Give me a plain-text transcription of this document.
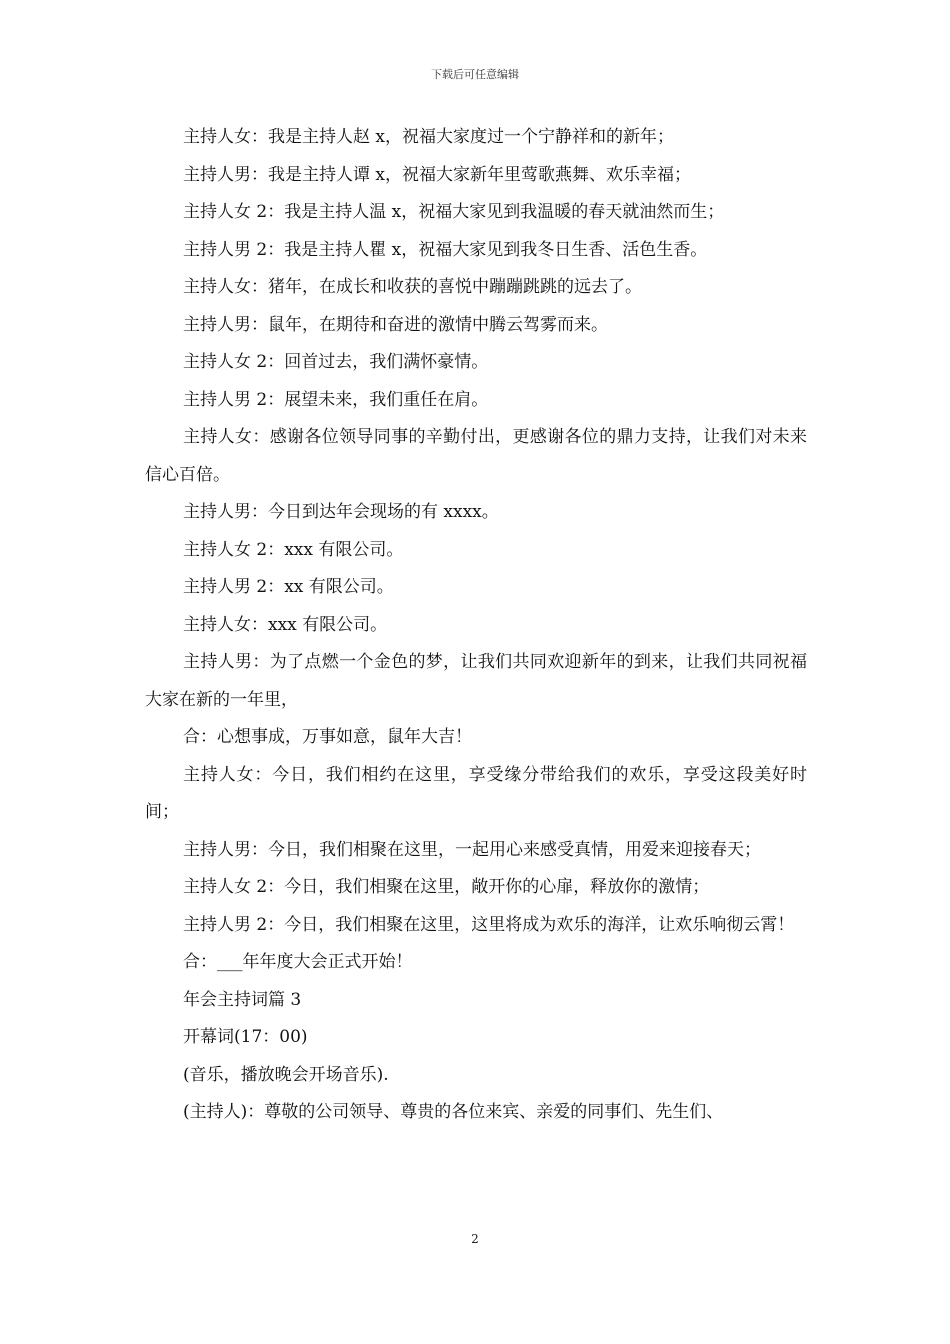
下载后可任意编辑

主持人女：我是主持人赵 x，祝福大家度过一个宁静祥和的新年；

主持人男：我是主持人谭 x，祝福大家新年里莺歌燕舞、欢乐幸福；

主持人女 2：我是主持人温 x，祝福大家见到我温暖的春天就油然而生；

主持人男 2：我是主持人瞿 x，祝福大家见到我冬日生香、活色生香。

主持人女：猪年，在成长和收获的喜悦中蹦蹦跳跳的远去了。

主持人男：鼠年，在期待和奋进的激情中腾云驾雾而来。

主持人女 2：回首过去，我们满怀豪情。

主持人男 2：展望未来，我们重任在肩。

主持人女：感谢各位领导同事的辛勤付出，更感谢各位的鼎力支持，让我们对未来信心百倍。

主持人男：今日到达年会现场的有 xxxx。

主持人女 2：xxx 有限公司。

主持人男 2：xx 有限公司。

主持人女：xxx 有限公司。

主持人男：为了点燃一个金色的梦，让我们共同欢迎新年的到来，让我们共同祝福大家在新的一年里，

合：心想事成，万事如意，鼠年大吉！

主持人女：今日，我们相约在这里，享受缘分带给我们的欢乐，享受这段美好时间；

主持人男：今日，我们相聚在这里，一起用心来感受真情，用爱来迎接春天；

主持人女 2：今日，我们相聚在这里，敞开你的心扉，释放你的激情；

主持人男 2：今日，我们相聚在这里，这里将成为欢乐的海洋，让欢乐响彻云霄！

合：___年年度大会正式开始！

年会主持词篇 3

开幕词(17：00)

(音乐，播放晚会开场音乐).

(主持人)：尊敬的公司领导、尊贵的各位来宾、亲爱的同事们、先生们、

2
